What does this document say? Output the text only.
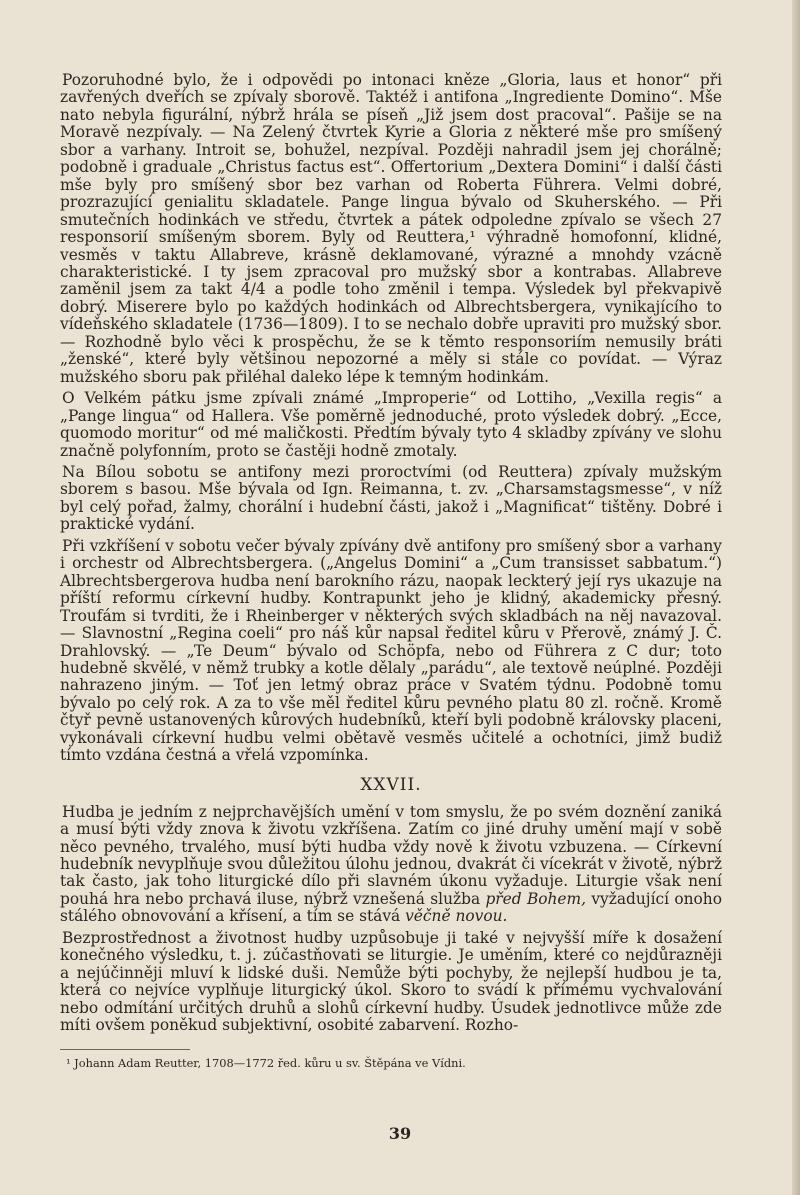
Pozoruhodné bylo, že i odpovědi po intonaci kněze „Gloria, laus et honor“ při zavřených dveřích se zpívaly sborově. Taktéž i antifona „Ingrediente Domino“. Mše nato nebyla figurální, nýbrž hrála se píseň „Již jsem dost pracoval“. Pašije se na Moravě nezpívaly. — Na Zelený čtvrtek Kyrie a Gloria z některé mše pro smíšený sbor a varhany. Introit se, bohužel, nezpíval. Později nahradil jsem jej chorálně; podobně i graduale „Christus factus est“. Offertorium „Dextera Domini“ i další části mše byly pro smíšený sbor bez varhan od Roberta Führera. Velmi dobré, prozrazující genialitu skladatele. Pange lingua bývalo od Skuherského. — Při smutečních hodinkách ve středu, čtvrtek a pátek odpoledne zpívalo se všech 27 responsorií smíšeným sborem. Byly od Reuttera,¹ výhradně homofonní, klidné, vesměs v taktu Allabreve, krásně deklamované, výrazné a mnohdy vzácně charakteristické. I ty jsem zpracoval pro mužský sbor a kontrabas. Allabreve zaměnil jsem za takt 4/4 a podle toho změnil i tempa. Výsledek byl překvapivě dobrý. Miserere bylo po každých hodinkách od Albrechtsbergera, vynikajícího to vídeňského skladatele (1736—1809). I to se nechalo dobře upraviti pro mužský sbor. — Rozhodně bylo věci k prospěchu, že se k těmto responsoriím nemusily bráti „ženské“, které byly většinou nepozorné a měly si stále co povídat. — Výraz mužského sboru pak přiléhal daleko lépe k temným hodinkám.

O Velkém pátku jsme zpívali známé „Improperie“ od Lottiho, „Vexilla regis“ a „Pange lingua“ od Hallera. Vše poměrně jednoduché, proto výsledek dobrý. „Ecce, quomodo moritur“ od mé maličkosti. Předtím bývaly tyto 4 skladby zpívány ve slohu značně polyfonním, proto se častěji hodně zmotaly.

Na Bílou sobotu se antifony mezi proroctvími (od Reuttera) zpívaly mužským sborem s basou. Mše bývala od Ign. Reimanna, t. zv. „Charsamstagsmesse“, v níž byl celý pořad, žalmy, chorální i hudební části, jakož i „Magnificat“ tištěny. Dobré i praktické vydání.

Při vzkříšení v sobotu večer bývaly zpívány dvě antifony pro smíšený sbor a varhany i orchestr od Albrechtsbergera. („Angelus Domini“ a „Cum transisset sabbatum.“) Albrechtsbergerova hudba není barokního rázu, naopak leckterý její rys ukazuje na příští reformu církevní hudby. Kontrapunkt jeho je klidný, akademicky přesný. Troufám si tvrditi, že i Rheinberger v některých svých skladbách na něj navazoval. — Slavnostní „Regina coeli“ pro náš kůr napsal ředitel kůru v Přerově, známý J. Č. Drahlovský. — „Te Deum“ bývalo od Schöpfa, nebo od Führera z C dur; toto hudebně skvělé, v němž trubky a kotle dělaly „parádu“, ale textově neúplné. Později nahrazeno jiným. — Toť jen letmý obraz práce v Svatém týdnu. Podobně tomu bývalo po celý rok. A za to vše měl ředitel kůru pevného platu 80 zl. ročně. Kromě čtyř pevně ustanovených kůrových hudebníků, kteří byli podobně královsky placeni, vykonávali církevní hudbu velmi obětavě vesměs učitelé a ochotníci, jimž budiž tímto vzdána čestná a vřelá vzpomínka.

XXVII.

Hudba je jedním z nejprchavějších umění v tom smyslu, že po svém doznění zaniká a musí býti vždy znova k životu vzkříšena. Zatím co jiné druhy umění mají v sobě něco pevného, trvalého, musí býti hudba vždy nově k životu vzbuzena. — Církevní hudebník nevyplňuje svou důležitou úlohu jednou, dvakrát či vícekrát v životě, nýbrž tak často, jak toho liturgické dílo při slavném úkonu vyžaduje. Liturgie však není pouhá hra nebo prchavá iluse, nýbrž vznešená služba před Bohem, vyžadující onoho stálého obnovování a křísení, a tím se stává věčně novou.

Bezprostřednost a životnost hudby uzpůsobuje ji také v nejvyšší míře k dosažení konečného výsledku, t. j. zúčastňovati se liturgie. Je uměním, které co nejdůrazněji a nejúčinněji mluví k lidské duši. Nemůže býti pochyby, že nejlepší hudbou je ta, která co nejvíce vyplňuje liturgický úkol. Skoro to svádí k přímému vychvalování nebo odmítání určitých druhů a slohů církevní hudby. Úsudek jednotlivce může zde míti ovšem poněkud subjektivní, osobité zabarvení. Rozho-

¹ Johann Adam Reutter, 1708—1772 řed. kůru u sv. Štěpána ve Vídni.
39
